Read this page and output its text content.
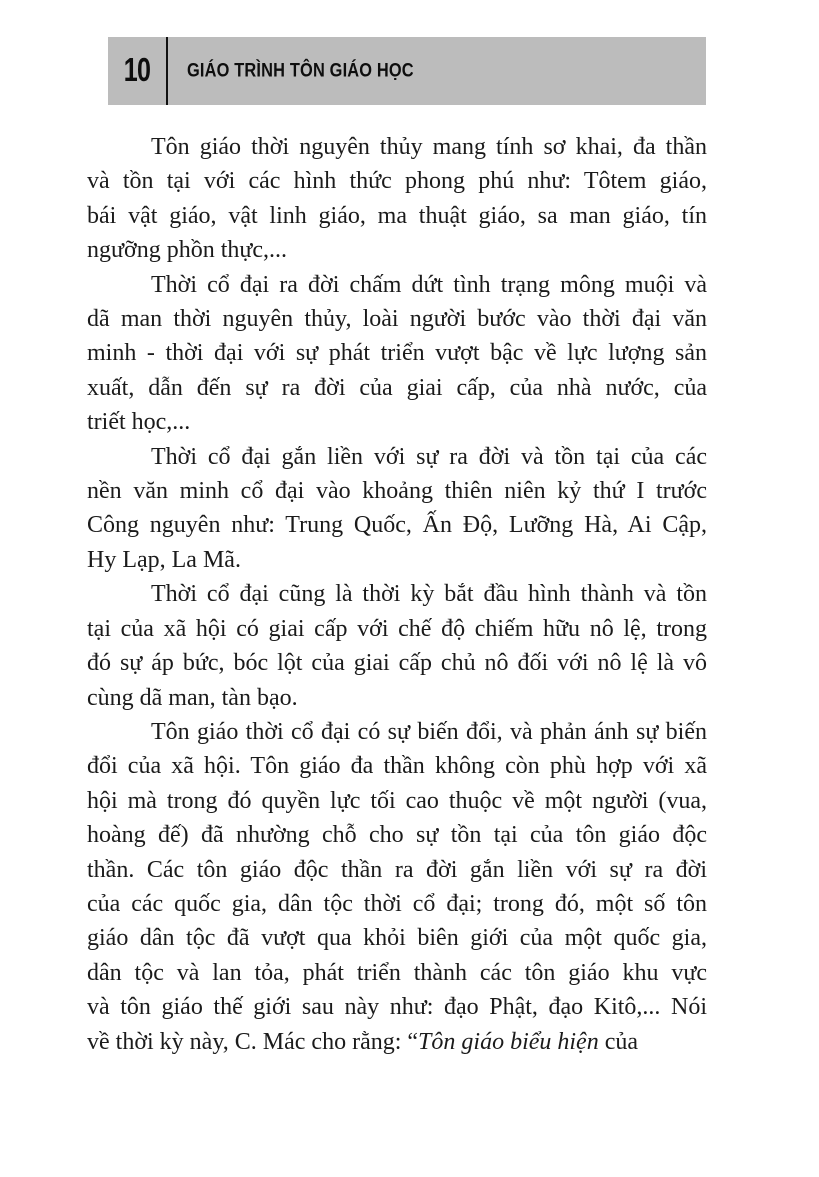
10	GIÁO TRÌNH TÔN GIÁO HỌC
Tôn giáo thời nguyên thủy mang tính sơ khai, đa thần
và tồn tại với các hình thức phong phú như: Tôtem giáo,
bái vật giáo, vật linh giáo, ma thuật giáo, sa man giáo, tín
ngưỡng phồn thực,...
Thời cổ đại ra đời chấm dứt tình trạng mông muội và
dã man thời nguyên thủy, loài người bước vào thời đại văn
minh - thời đại với sự phát triển vượt bậc về lực lượng sản
xuất, dẫn đến sự ra đời của giai cấp, của nhà nước, của
triết học,...
Thời cổ đại gắn liền với sự ra đời và tồn tại của các
nền văn minh cổ đại vào khoảng thiên niên kỷ thứ I trước
Công nguyên như: Trung Quốc, Ấn Độ, Lưỡng Hà, Ai Cập,
Hy Lạp, La Mã.
Thời cổ đại cũng là thời kỳ bắt đầu hình thành và tồn
tại của xã hội có giai cấp với chế độ chiếm hữu nô lệ, trong
đó sự áp bức, bóc lột của giai cấp chủ nô đối với nô lệ là vô
cùng dã man, tàn bạo.
Tôn giáo thời cổ đại có sự biến đổi, và phản ánh sự biến
đổi của xã hội. Tôn giáo đa thần không còn phù hợp với xã
hội mà trong đó quyền lực tối cao thuộc về một người (vua,
hoàng đế) đã nhường chỗ cho sự tồn tại của tôn giáo độc
thần. Các tôn giáo độc thần ra đời gắn liền với sự ra đời
của các quốc gia, dân tộc thời cổ đại; trong đó, một số tôn
giáo dân tộc đã vượt qua khỏi biên giới của một quốc gia,
dân tộc và lan tỏa, phát triển thành các tôn giáo khu vực
và tôn giáo thế giới sau này như: đạo Phật, đạo Kitô,... Nói
về thời kỳ này, C. Mác cho rằng: “Tôn giáo biểu hiện của
